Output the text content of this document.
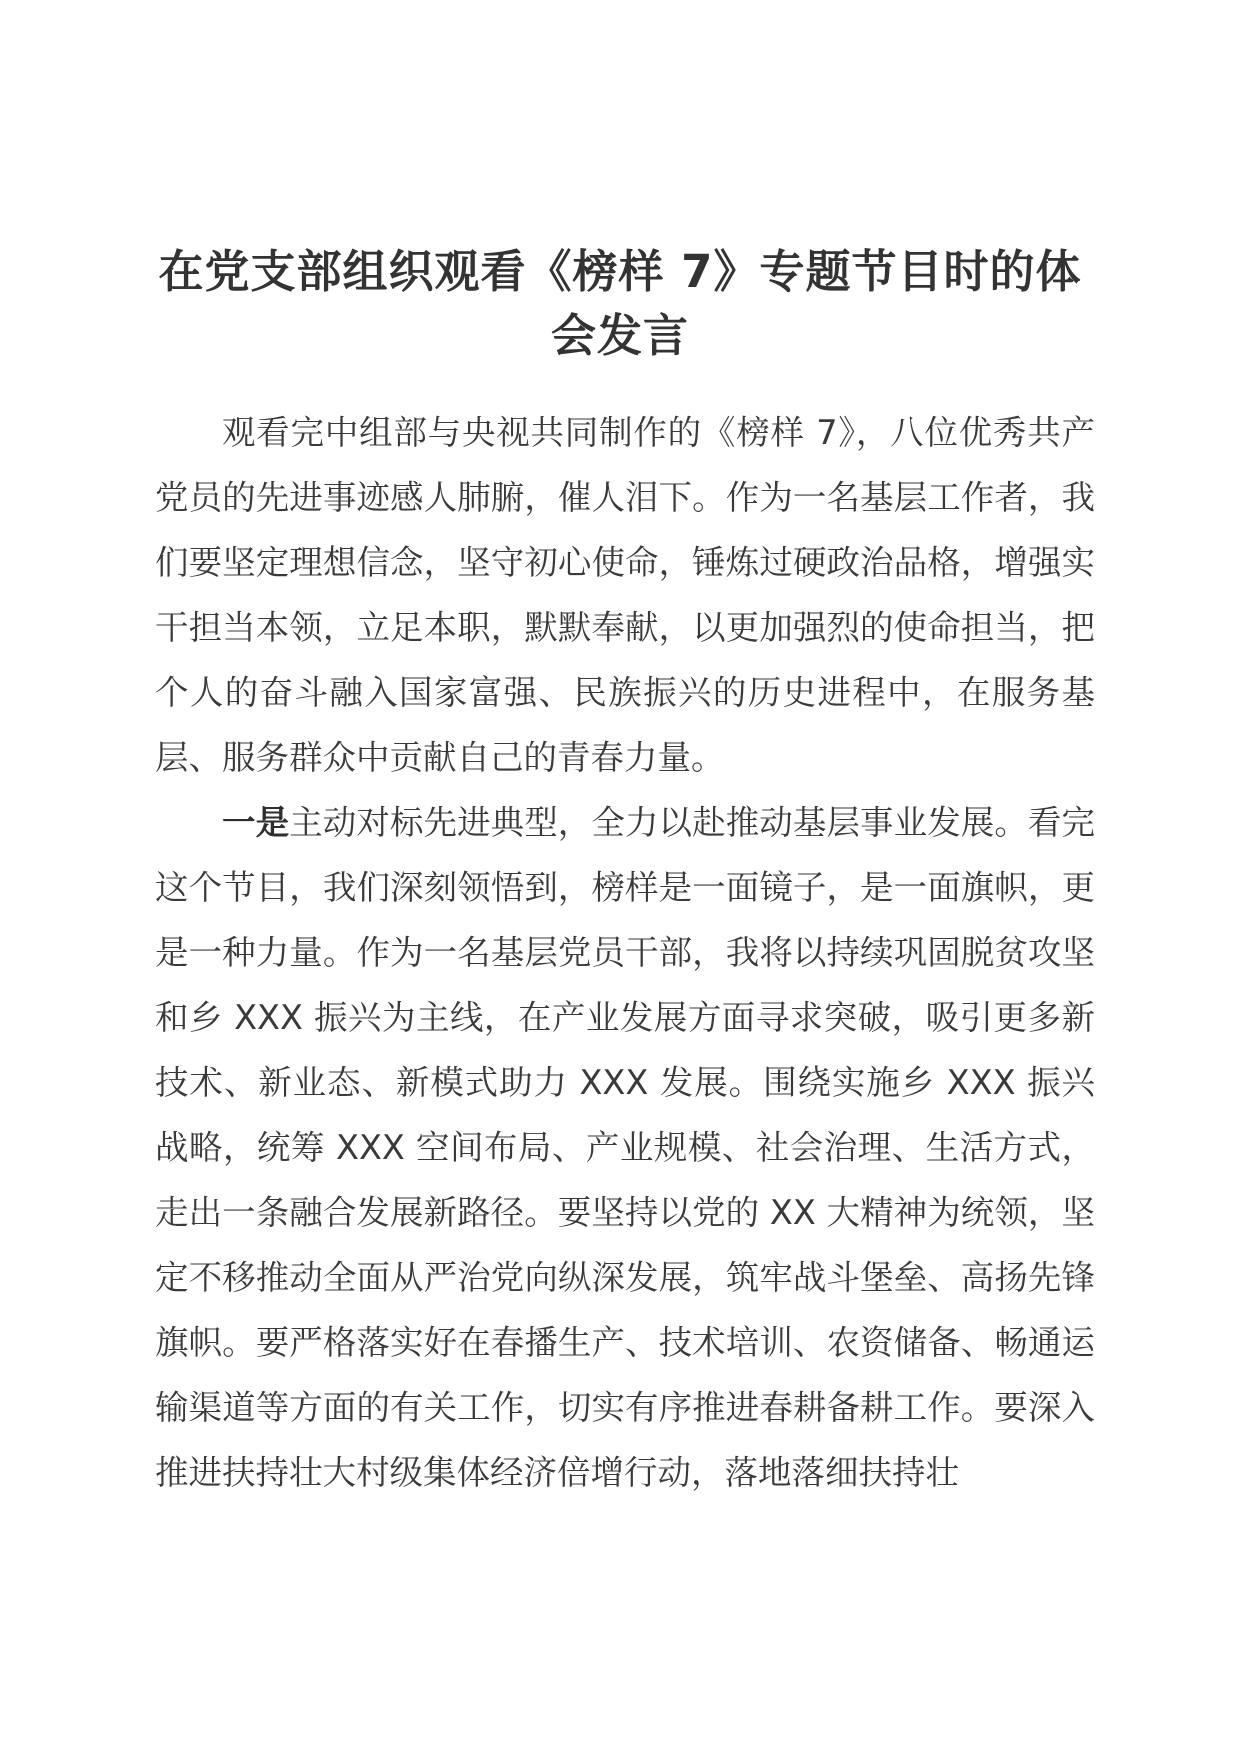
在党支部组织观看《榜样 7》专题节目时的体会发言

观看完中组部与央视共同制作的《榜样 7》，八位优秀共产党员的先进事迹感人肺腑，催人泪下。作为一名基层工作者，我们要坚定理想信念，坚守初心使命，锤炼过硬政治品格，增强实干担当本领，立足本职，默默奉献，以更加强烈的使命担当，把个人的奋斗融入国家富强、民族振兴的历史进程中，在服务基层、服务群众中贡献自己的青春力量。

一是主动对标先进典型，全力以赴推动基层事业发展。看完这个节目，我们深刻领悟到，榜样是一面镜子，是一面旗帜，更是一种力量。作为一名基层党员干部，我将以持续巩固脱贫攻坚和乡 XXX 振兴为主线，在产业发展方面寻求突破，吸引更多新技术、新业态、新模式助力 XXX 发展。围绕实施乡 XXX 振兴战略，统筹 XXX 空间布局、产业规模、社会治理、生活方式，走出一条融合发展新路径。要坚持以党的 XX 大精神为统领，坚定不移推动全面从严治党向纵深发展，筑牢战斗堡垒、高扬先锋旗帜。要严格落实好在春播生产、技术培训、农资储备、畅通运输渠道等方面的有关工作，切实有序推进春耕备耕工作。要深入推进扶持壮大村级集体经济倍增行动，落地落细扶持壮
